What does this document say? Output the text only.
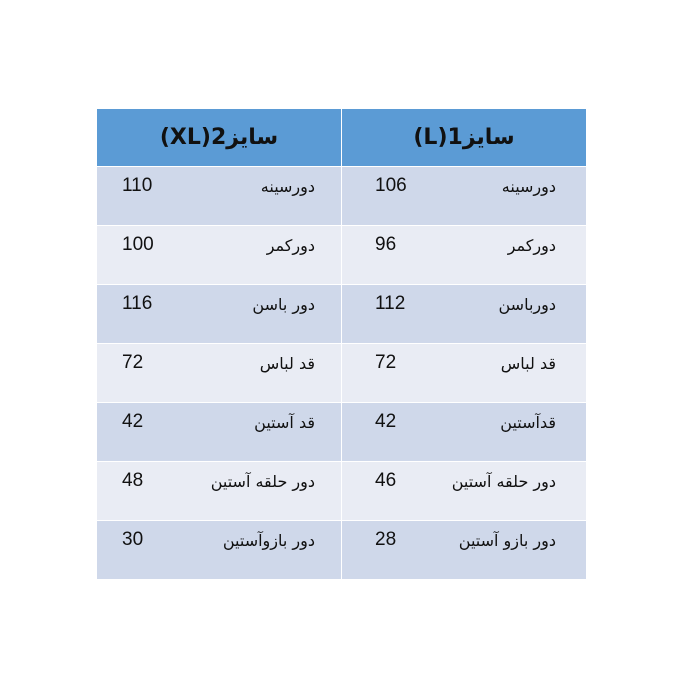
سایز2(XL)	سایز1(L)

110 دورسینه	106 دورسینه

100 دورکمر	96 دورکمر

116 دور باسن	112 دورباسن

72 قد لباس	72 قد لباس

42 قد آستین	42 قدآستین

48 دور حلقه آستین	46 دور حلقه آستین

30 دور بازوآستین	28 دور بازو آستین
